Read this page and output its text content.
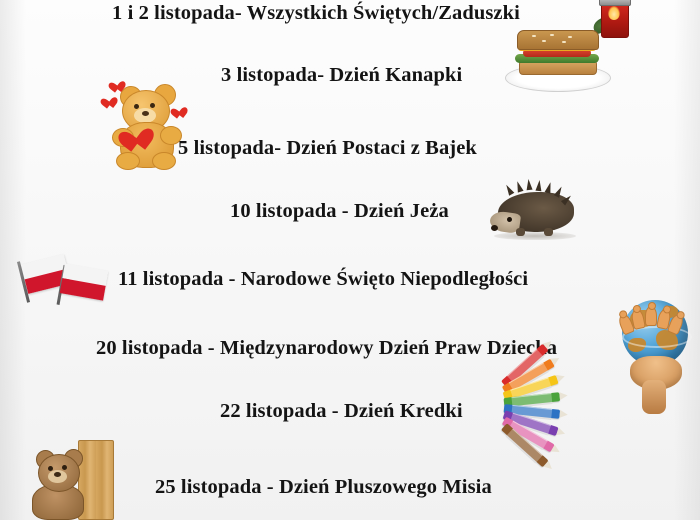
1 i 2 listopada- Wszystkich Świętych/Zaduszki
3 listopada- Dzień Kanapki
5 listopada- Dzień Postaci z Bajek
10 listopada - Dzień Jeża
11 listopada - Narodowe Święto Niepodległości
20 listopada - Międzynarodowy Dzień Praw Dziecka
22 listopada - Dzień Kredki
25 listopada - Dzień Pluszowego Misia
